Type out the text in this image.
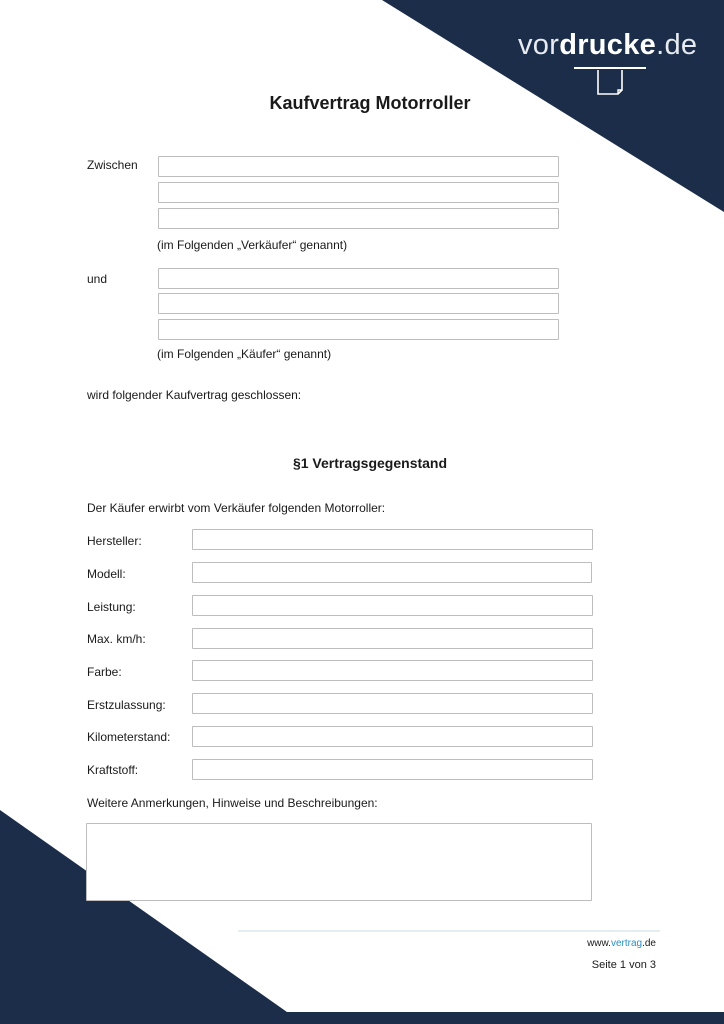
vordrucke.de
Kaufvertrag Motorroller
Zwischen
(im Folgenden „Verkäufer“ genannt)
und
(im Folgenden „Käufer“ genannt)
wird folgender Kaufvertrag geschlossen:
§1 Vertragsgegenstand
Der Käufer erwirbt vom Verkäufer folgenden Motorroller:
Hersteller:
Modell:
Leistung:
Max. km/h:
Farbe:
Erstzulassung:
Kilometerstand:
Kraftstoff:
Weitere Anmerkungen, Hinweise und Beschreibungen:
www.vertrag.de
Seite 1 von 3
